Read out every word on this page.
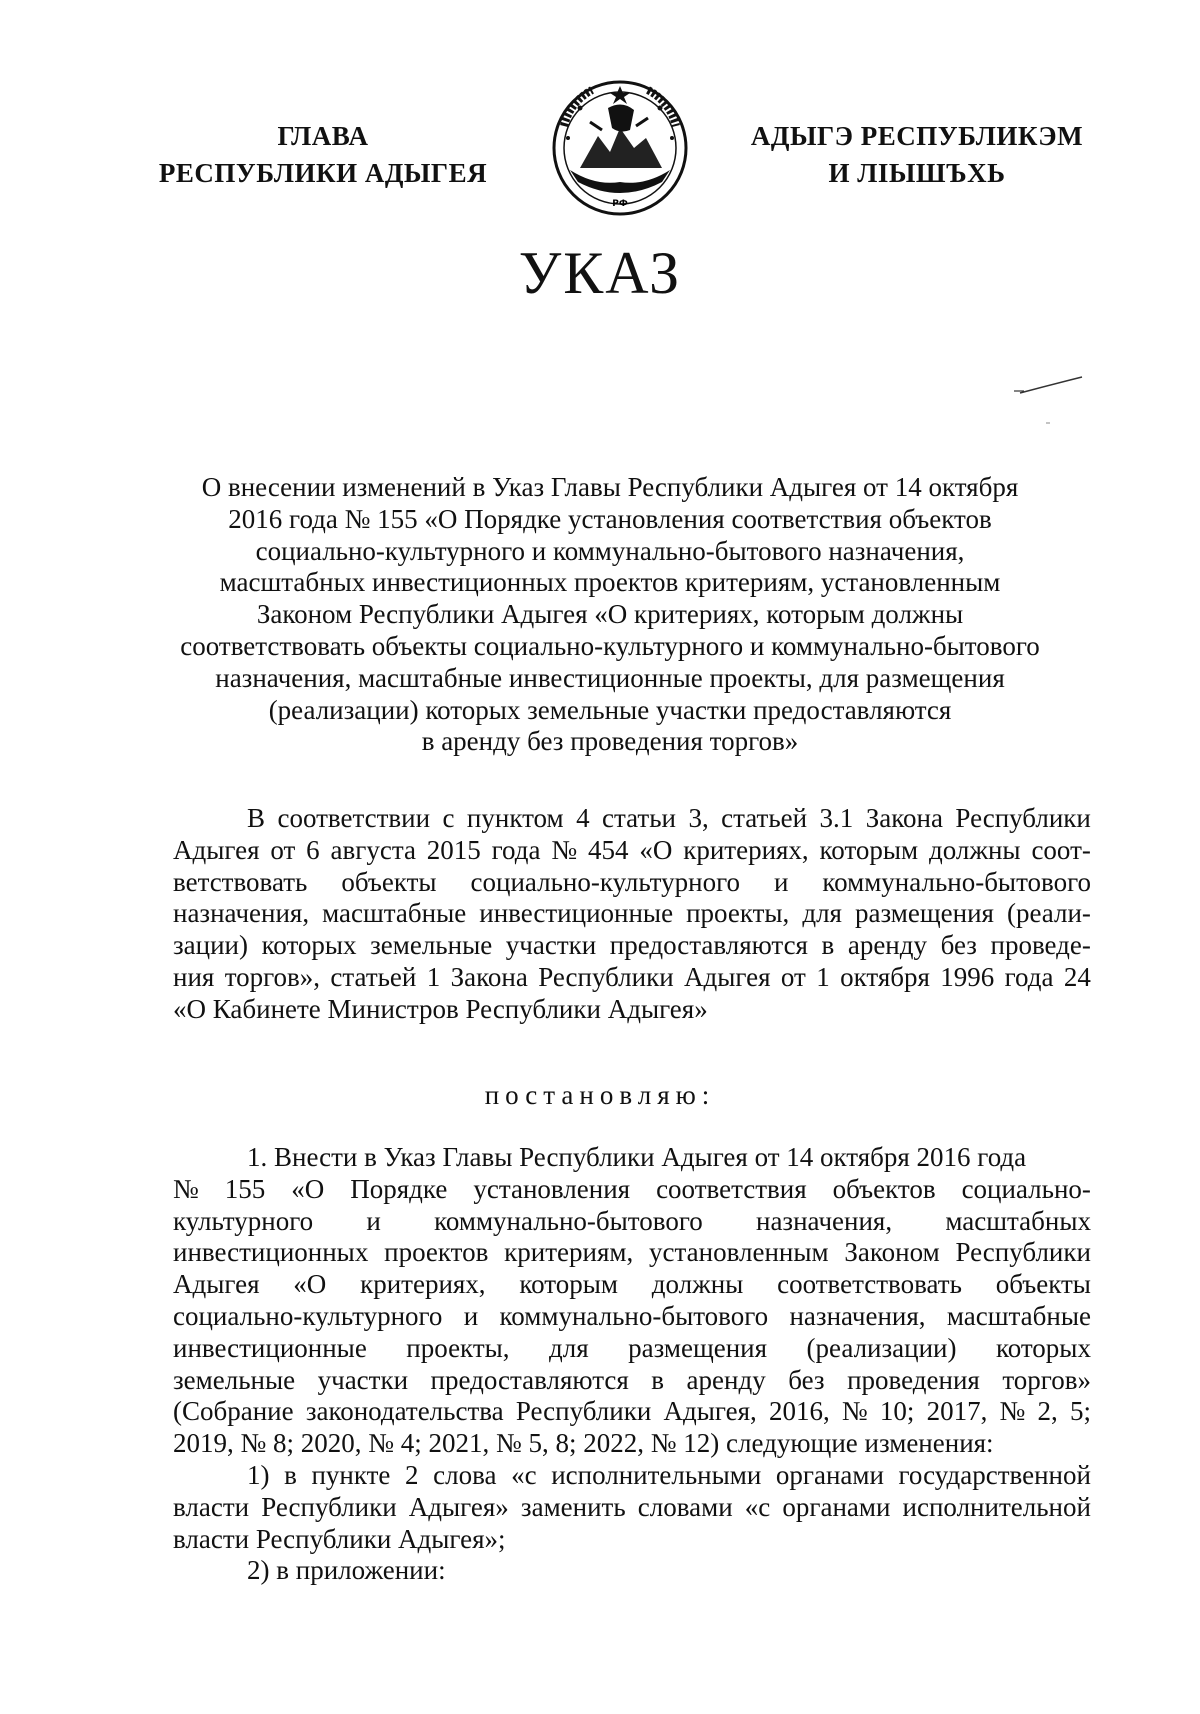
ГЛАВА
РЕСПУБЛИКИ АДЫГЕЯ
РФ
АДЫГЭ РЕСПУБЛИКЭМ
И ЛІЫШЪХЬ
УКАЗ
О внесении изменений в Указ Главы Республики Адыгея от 14 октября
2016 года № 155 «О Порядке установления соответствия объектов
социально-культурного и коммунально-бытового назначения,
масштабных инвестиционных проектов критериям, установленным
Законом Республики Адыгея «О критериях, которым должны
соответствовать объекты социально-культурного и коммунально-бытового
назначения, масштабные инвестиционные проекты, для размещения
(реализации) которых земельные участки предоставляются
в аренду без проведения торгов»
В соответствии с пунктом 4 статьи 3, статьей 3.1 Закона Республики
Адыгея от 6 августа 2015 года № 454 «О критериях, которым должны соот-
ветствовать объекты социально-культурного и коммунально-бытового
назначения, масштабные инвестиционные проекты, для размещения (реали-
зации) которых земельные участки предоставляются в аренду без проведе-
ния торгов», статьей 1 Закона Республики Адыгея от 1 октября 1996 года 24
«О Кабинете Министров Республики Адыгея»
постановляю:
1. Внести в Указ Главы Республики Адыгея от 14 октября 2016 года
№ 155 «О Порядке установления соответствия объектов социально-
культурного и коммунально-бытового назначения, масштабных
инвестиционных проектов критериям, установленным Законом Республики
Адыгея «О критериях, которым должны соответствовать объекты
социально-культурного и коммунально-бытового назначения, масштабные
инвестиционные проекты, для размещения (реализации) которых
земельные участки предоставляются в аренду без проведения торгов»
(Собрание законодательства Республики Адыгея, 2016, № 10; 2017, № 2, 5;
2019, № 8; 2020, № 4; 2021, № 5, 8; 2022, № 12) следующие изменения:
1) в пункте 2 слова «с исполнительными органами государственной
власти Республики Адыгея» заменить словами «с органами исполнительной
власти Республики Адыгея»;
2) в приложении:
